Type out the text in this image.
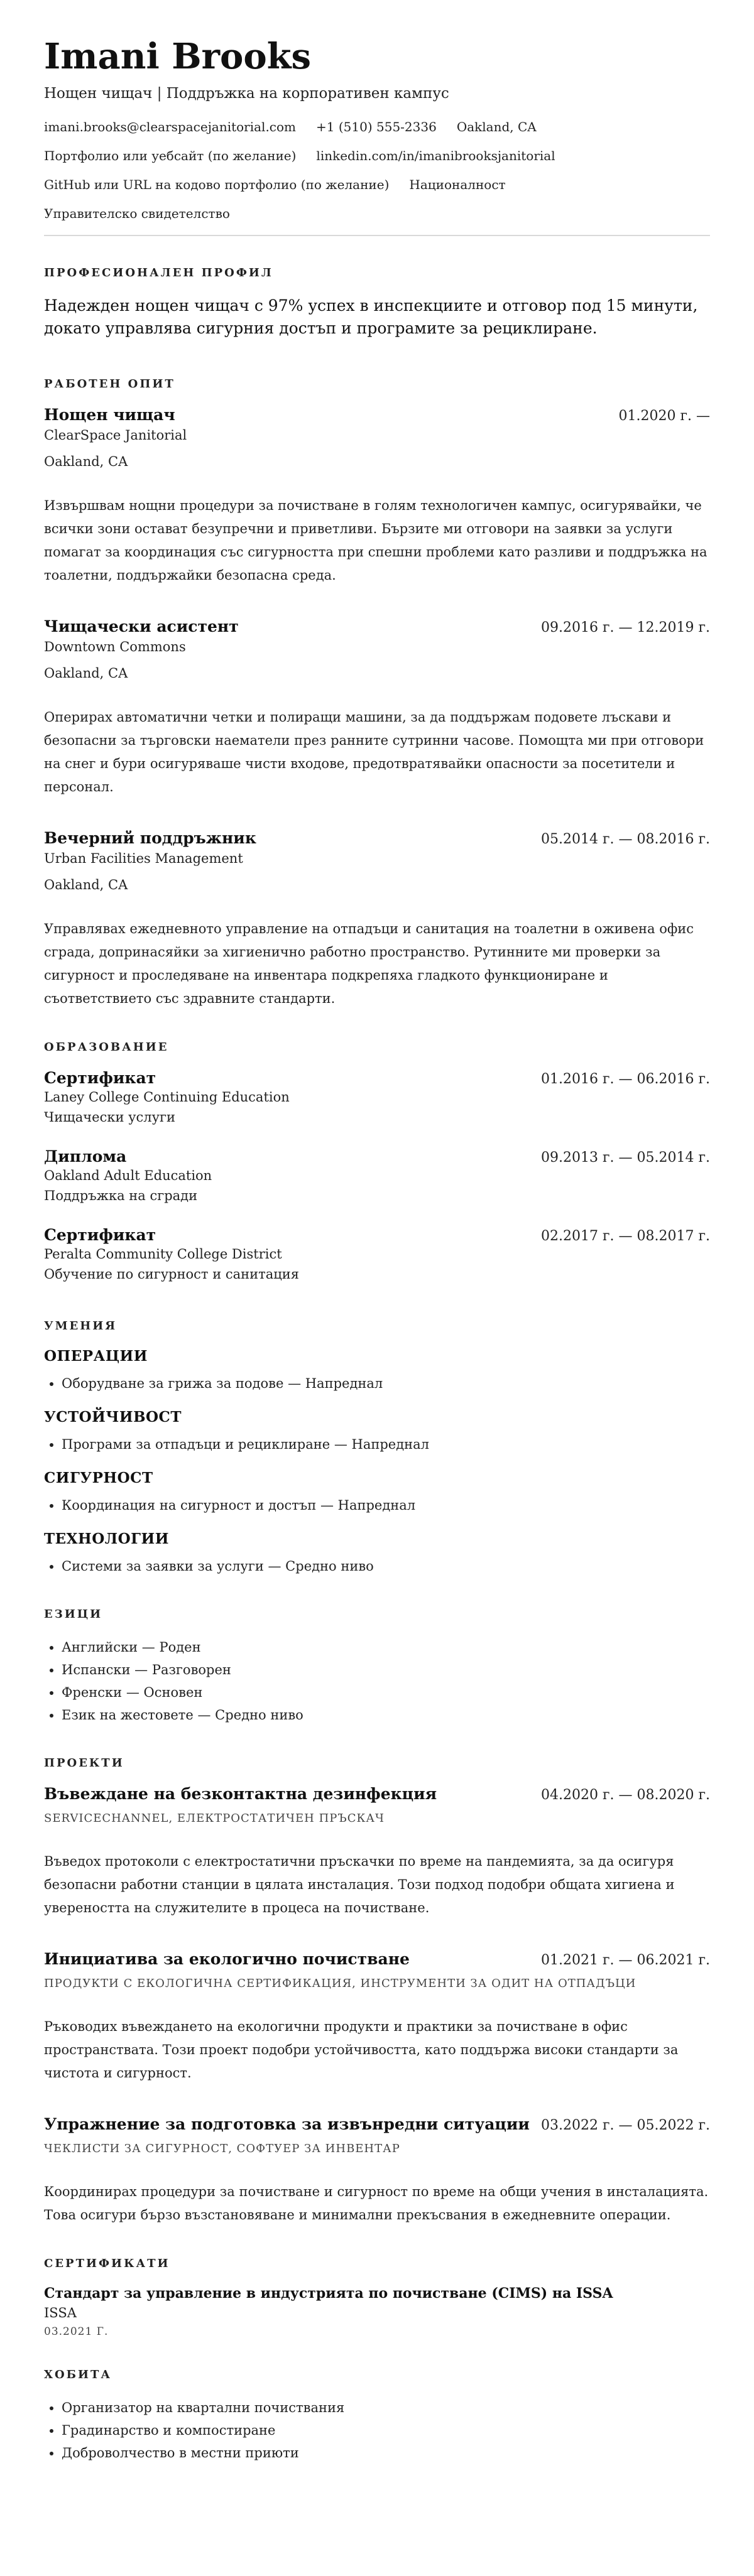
Imani Brooks
Нощен чищач | Поддръжка на корпоративен кампус
imani.brooks@clearspacejanitorial.com +1 (510) 555-2336 Oakland, CA
Портфолио или уебсайт (по желание) linkedin.com/in/imanibrooksjanitorial
GitHub или URL на кодово портфолио (по желание) Националност
Управителско свидетелство
ПРОФЕСИОНАЛЕН ПРОФИЛ

Надежден нощен чищач с 97% успех в инспекциите и отговор под 15 минути, докато управлява сигурния достъп и програмите за рециклиране.

РАБОТЕН ОПИТ
Нощен чищач	01.2020 г. —
ClearSpace Janitorial
Oakland, CA

Извършвам нощни процедури за почистване в голям технологичен кампус, осигурявайки, че всички зони остават безупречни и приветливи. Бързите ми отговори на заявки за услуги помагат за координация със сигурността при спешни проблеми като разливи и поддръжка на тоалетни, поддържайки безопасна среда.

Чищачески асистент	09.2016 г. — 12.2019 г.
Downtown Commons
Oakland, CA

Оперирах автоматични четки и полиращи машини, за да поддържам подовете лъскави и безопасни за търговски наематели през ранните сутринни часове. Помощта ми при отговори на снег и бури осигуряваше чисти входове, предотвратявайки опасности за посетители и персонал.

Вечерний поддръжник	05.2014 г. — 08.2016 г.
Urban Facilities Management
Oakland, CA

Управлявах ежедневното управление на отпадъци и санитация на тоалетни в оживена офис сграда, допринасяйки за хигиенично работно пространство. Рутинните ми проверки за сигурност и проследяване на инвентара подкрепяха гладкото функциониране и съответствието със здравните стандарти.

ОБРАЗОВАНИЕ
Сертификат	01.2016 г. — 06.2016 г.
Laney College Continuing Education
Чищачески услуги
Диплома	09.2013 г. — 05.2014 г.
Oakland Adult Education
Поддръжка на сгради
Сертификат	02.2017 г. — 08.2017 г.
Peralta Community College District
Обучение по сигурност и санитация
УМЕНИЯ
ОПЕРАЦИИ
• Оборудване за грижа за подове — Напреднал
УСТОЙЧИВОСТ
• Програми за отпадъци и рециклиране — Напреднал
СИГУРНОСТ
• Координация на сигурност и достъп — Напреднал
ТЕХНОЛОГИИ
• Системи за заявки за услуги — Средно ниво
ЕЗИЦИ
• Английски — Роден
• Испански — Разговорен
• Френски — Основен
• Език на жестовете — Средно ниво
ПРОЕКТИ
Въвеждане на безконтактна дезинфекция	04.2020 г. — 08.2020 г.
SERVICECHANNEL, ЕЛЕКТРОСТАТИЧЕН ПРЪСКАЧ

Въведох протоколи с електростатични пръскачки по време на пандемията, за да осигуря безопасни работни станции в цялата инсталация. Този подход подобри общата хигиена и увереността на служителите в процеса на почистване.

Инициатива за екологично почистване	01.2021 г. — 06.2021 г.
ПРОДУКТИ С ЕКОЛОГИЧНА СЕРТИФИКАЦИЯ, ИНСТРУМЕНТИ ЗА ОДИТ НА ОТПАДЪЦИ

Ръководих въвеждането на екологични продукти и практики за почистване в офис пространствата. Този проект подобри устойчивостта, като поддържа високи стандарти за чистота и сигурност.

Упражнение за подготовка за извънредни ситуации 03.2022 г. — 05.2022 г.
ЧЕКЛИСТИ ЗА СИГУРНОСТ, СОФТУЕР ЗА ИНВЕНТАР

Координирах процедури за почистване и сигурност по време на общи учения в инсталацията. Това осигури бързо възстановяване и минимални прекъсвания в ежедневните операции.

СЕРТИФИКАТИ
Стандарт за управление в индустрията по почистване (CIMS) на ISSA
ISSA
03.2021 Г.
ХОБИТА
• Организатор на квартални почиствания
• Градинарство и компостиране
• Доброволчество в местни приюти
